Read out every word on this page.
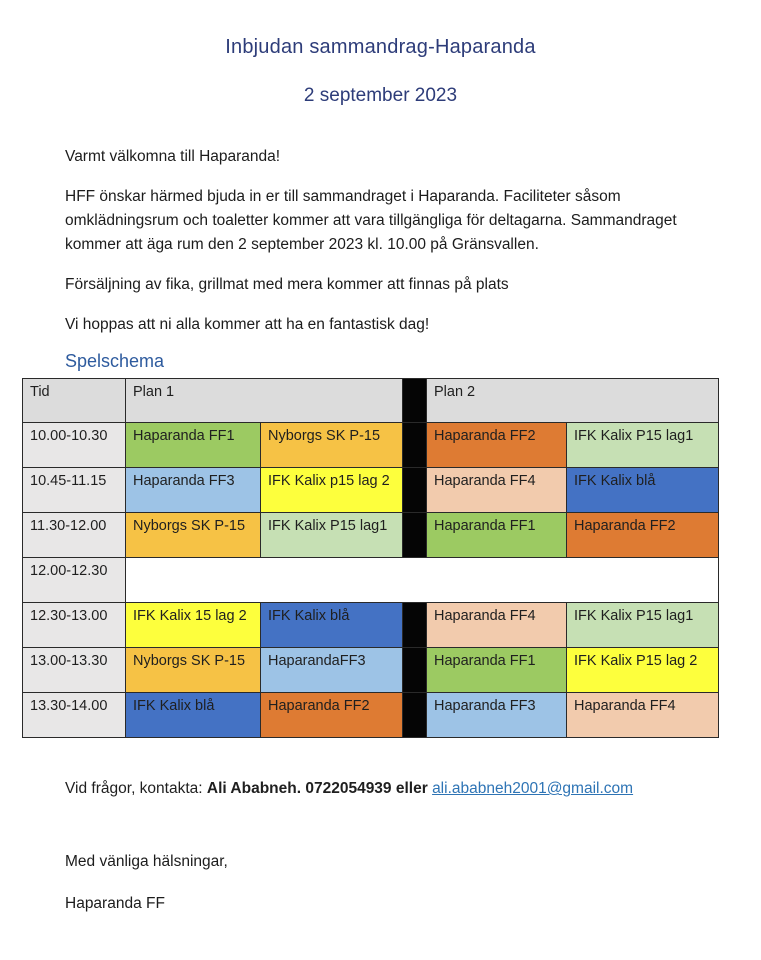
Inbjudan sammandrag-Haparanda
2 september 2023

Varmt välkomna till Haparanda!

HFF önskar härmed bjuda in er till sammandraget i Haparanda. Faciliteter såsom omklädningsrum och toaletter kommer att vara tillgängliga för deltagarna. Sammandraget kommer att äga rum den 2 september 2023 kl. 10.00 på Gränsvallen.

Försäljning av fika, grillmat med mera kommer att finnas på plats

Vi hoppas att ni alla kommer att ha en fantastisk dag!

Spelschema
Tid	Plan 1			Plan 2	
10.00-10.30	Haparanda FF1	Nyborgs SK P-15		Haparanda FF2	IFK Kalix P15 lag1
10.45-11.15	Haparanda FF3	IFK Kalix p15 lag 2		Haparanda FF4	IFK Kalix blå
11.30-12.00	Nyborgs SK P-15	IFK Kalix P15 lag1		Haparanda FF1	Haparanda FF2
12.00-12.30					
12.30-13.00	IFK Kalix 15 lag 2	IFK Kalix blå		Haparanda FF4	IFK Kalix P15 lag1
13.00-13.30	Nyborgs SK P-15	HaparandaFF3		Haparanda FF1	IFK Kalix P15 lag 2
13.30-14.00	IFK Kalix blå	Haparanda FF2		Haparanda FF3	Haparanda FF4

Vid frågor, kontakta: Ali Ababneh. 0722054939 eller ali.ababneh2001@gmail.com

Med vänliga hälsningar,

Haparanda FF
